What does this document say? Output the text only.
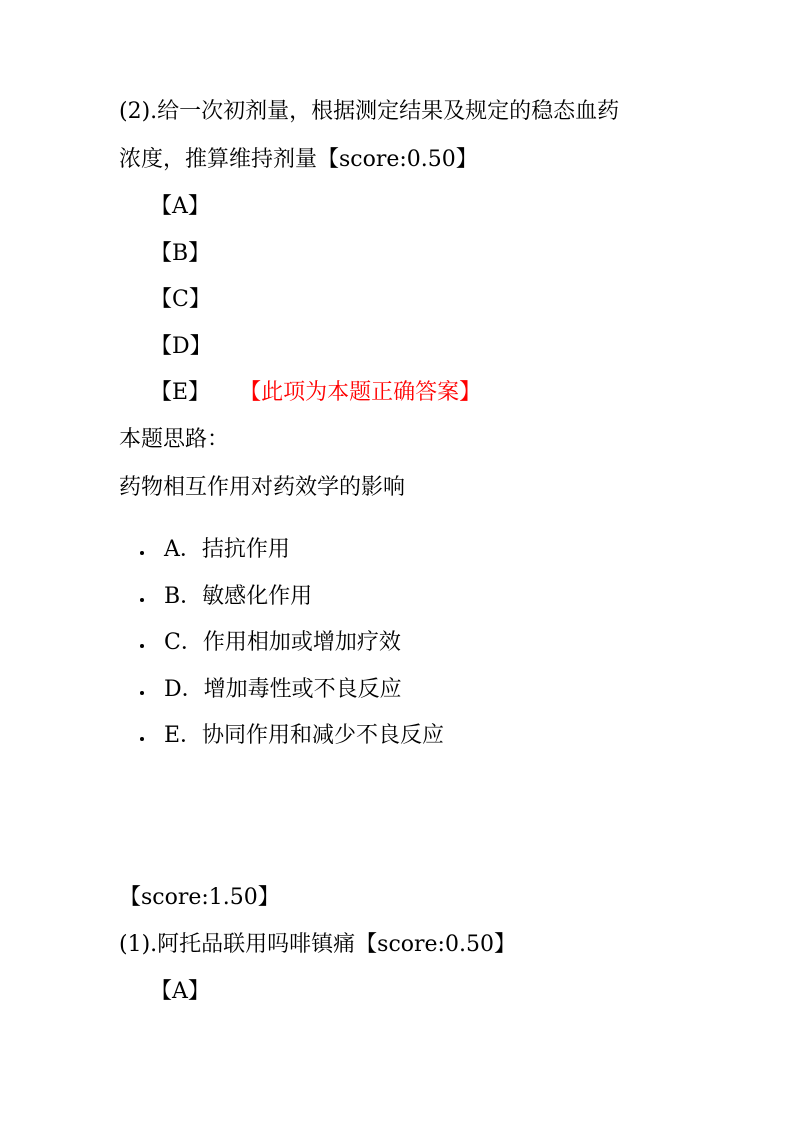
(2).给一次初剂量，根据测定结果及规定的稳态血药
浓度，推算维持剂量【score:0.50】
【A】
【B】
【C】
【D】
【E】 【此项为本题正确答案】
本题思路：
药物相互作用对药效学的影响
A．拮抗作用
B．敏感化作用
C．作用相加或增加疗效
D．增加毒性或不良反应
E．协同作用和减少不良反应
【score:1.50】
(1).阿托品联用吗啡镇痛【score:0.50】
【A】
